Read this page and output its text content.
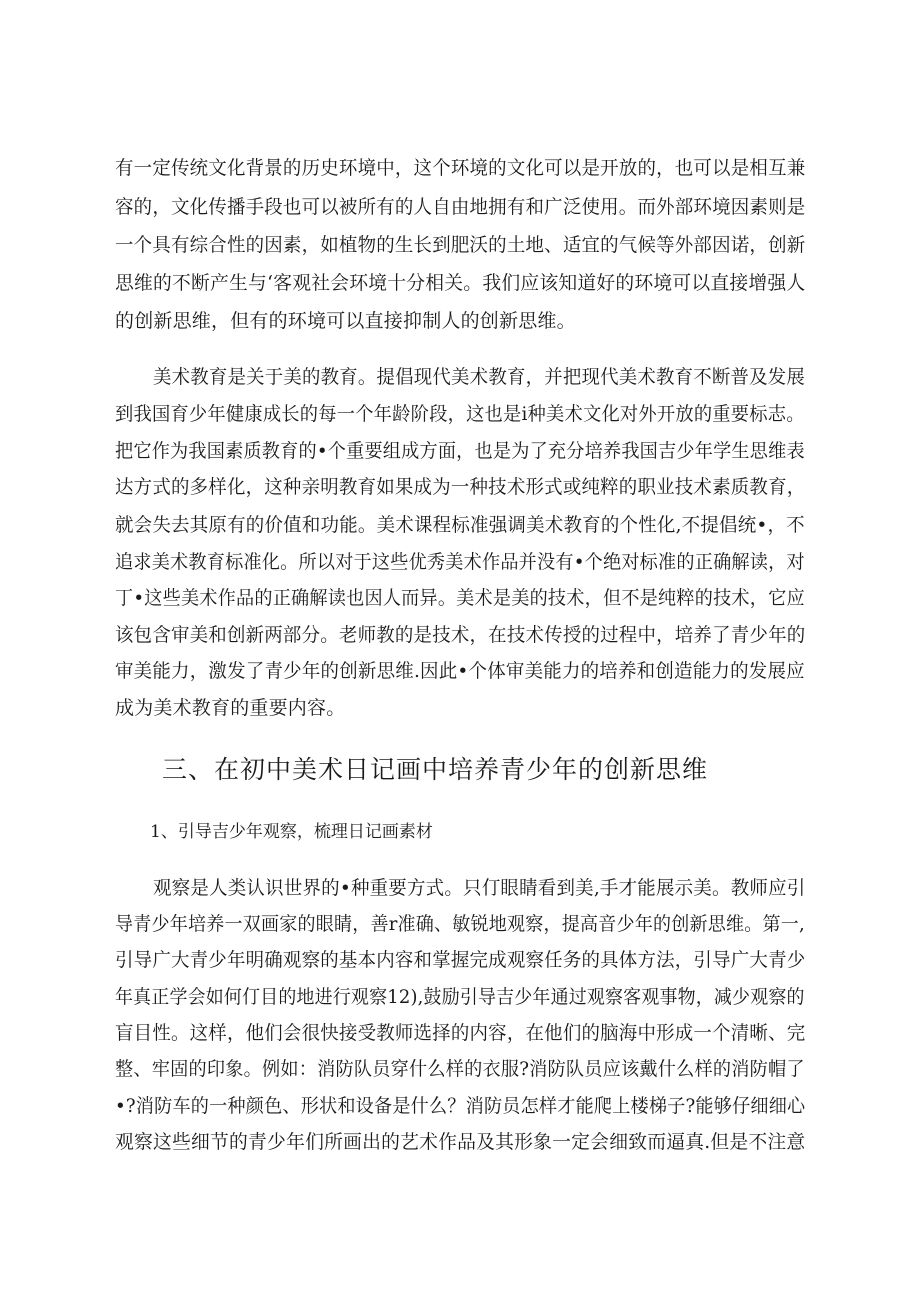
有一定传统文化背景的历史环境中，这个环境的文化可以是开放的，也可以是相互兼
容的，文化传播手段也可以被所有的人自由地拥有和广泛使用。而外部环境因素则是
一个具有综合性的因素，如植物的生长到肥沃的土地、适宜的气候等外部因诺，创新
思维的不断产生与‘客观社会环境十分相关。我们应该知道好的环境可以直接增强人
的创新思维，但有的环境可以直接抑制人的创新思维。
美术教育是关于美的教育。提倡现代美术教育，并把现代美术教育不断普及发展
到我国育少年健康成长的每一个年龄阶段，这也是i种美术文化对外开放的重要标志。
把它作为我国素质教育的•个重要组成方面，也是为了充分培养我国吉少年学生思维表
达方式的多样化，这种亲明教育如果成为一种技术形式或纯粹的职业技术素质教育，
就会失去其原有的价值和功能。美术课程标准强调美术教育的个性化,不提倡统•，不
追求美术教育标准化。所以对于这些优秀美术作品并没有•个绝对标准的正确解读，对
丁•这些美术作品的正确解读也因人而异。美术是美的技术，但不是纯粹的技术，它应
该包含审美和创新两部分。老师教的是技术，在技术传授的过程中，培养了青少年的
审美能力，激发了青少年的创新思维.因此•个体审美能力的培养和创造能力的发展应
成为美术教育的重要内容。
三、在初中美术日记画中培养青少年的创新思维
1、引导吉少年观察，梳理日记画素材
观察是人类认识世界的•种重要方式。只仃眼睛看到美,手才能展示美。教师应引
导青少年培养一双画家的眼睛，善r准确、敏锐地观察，提高音少年的创新思维。第一,
引导广大青少年明确观察的基本内容和掌握完成观察任务的具体方法，引导广大青少
年真正学会如何仃目的地进行观察12),鼓励引导吉少年通过观察客观事物，减少观察的
盲目性。这样，他们会很快接受教师选择的内容，在他们的脑海中形成一个清晰、完
整、牢固的印象。例如：消防队员穿什么样的衣服?消防队员应该戴什么样的消防帽了
•?消防车的一种颜色、形状和设备是什么？消防员怎样才能爬上楼梯子?能够仔细细心
观察这些细节的青少年们所画出的艺术作品及其形象一定会细致而逼真.但是不注意
